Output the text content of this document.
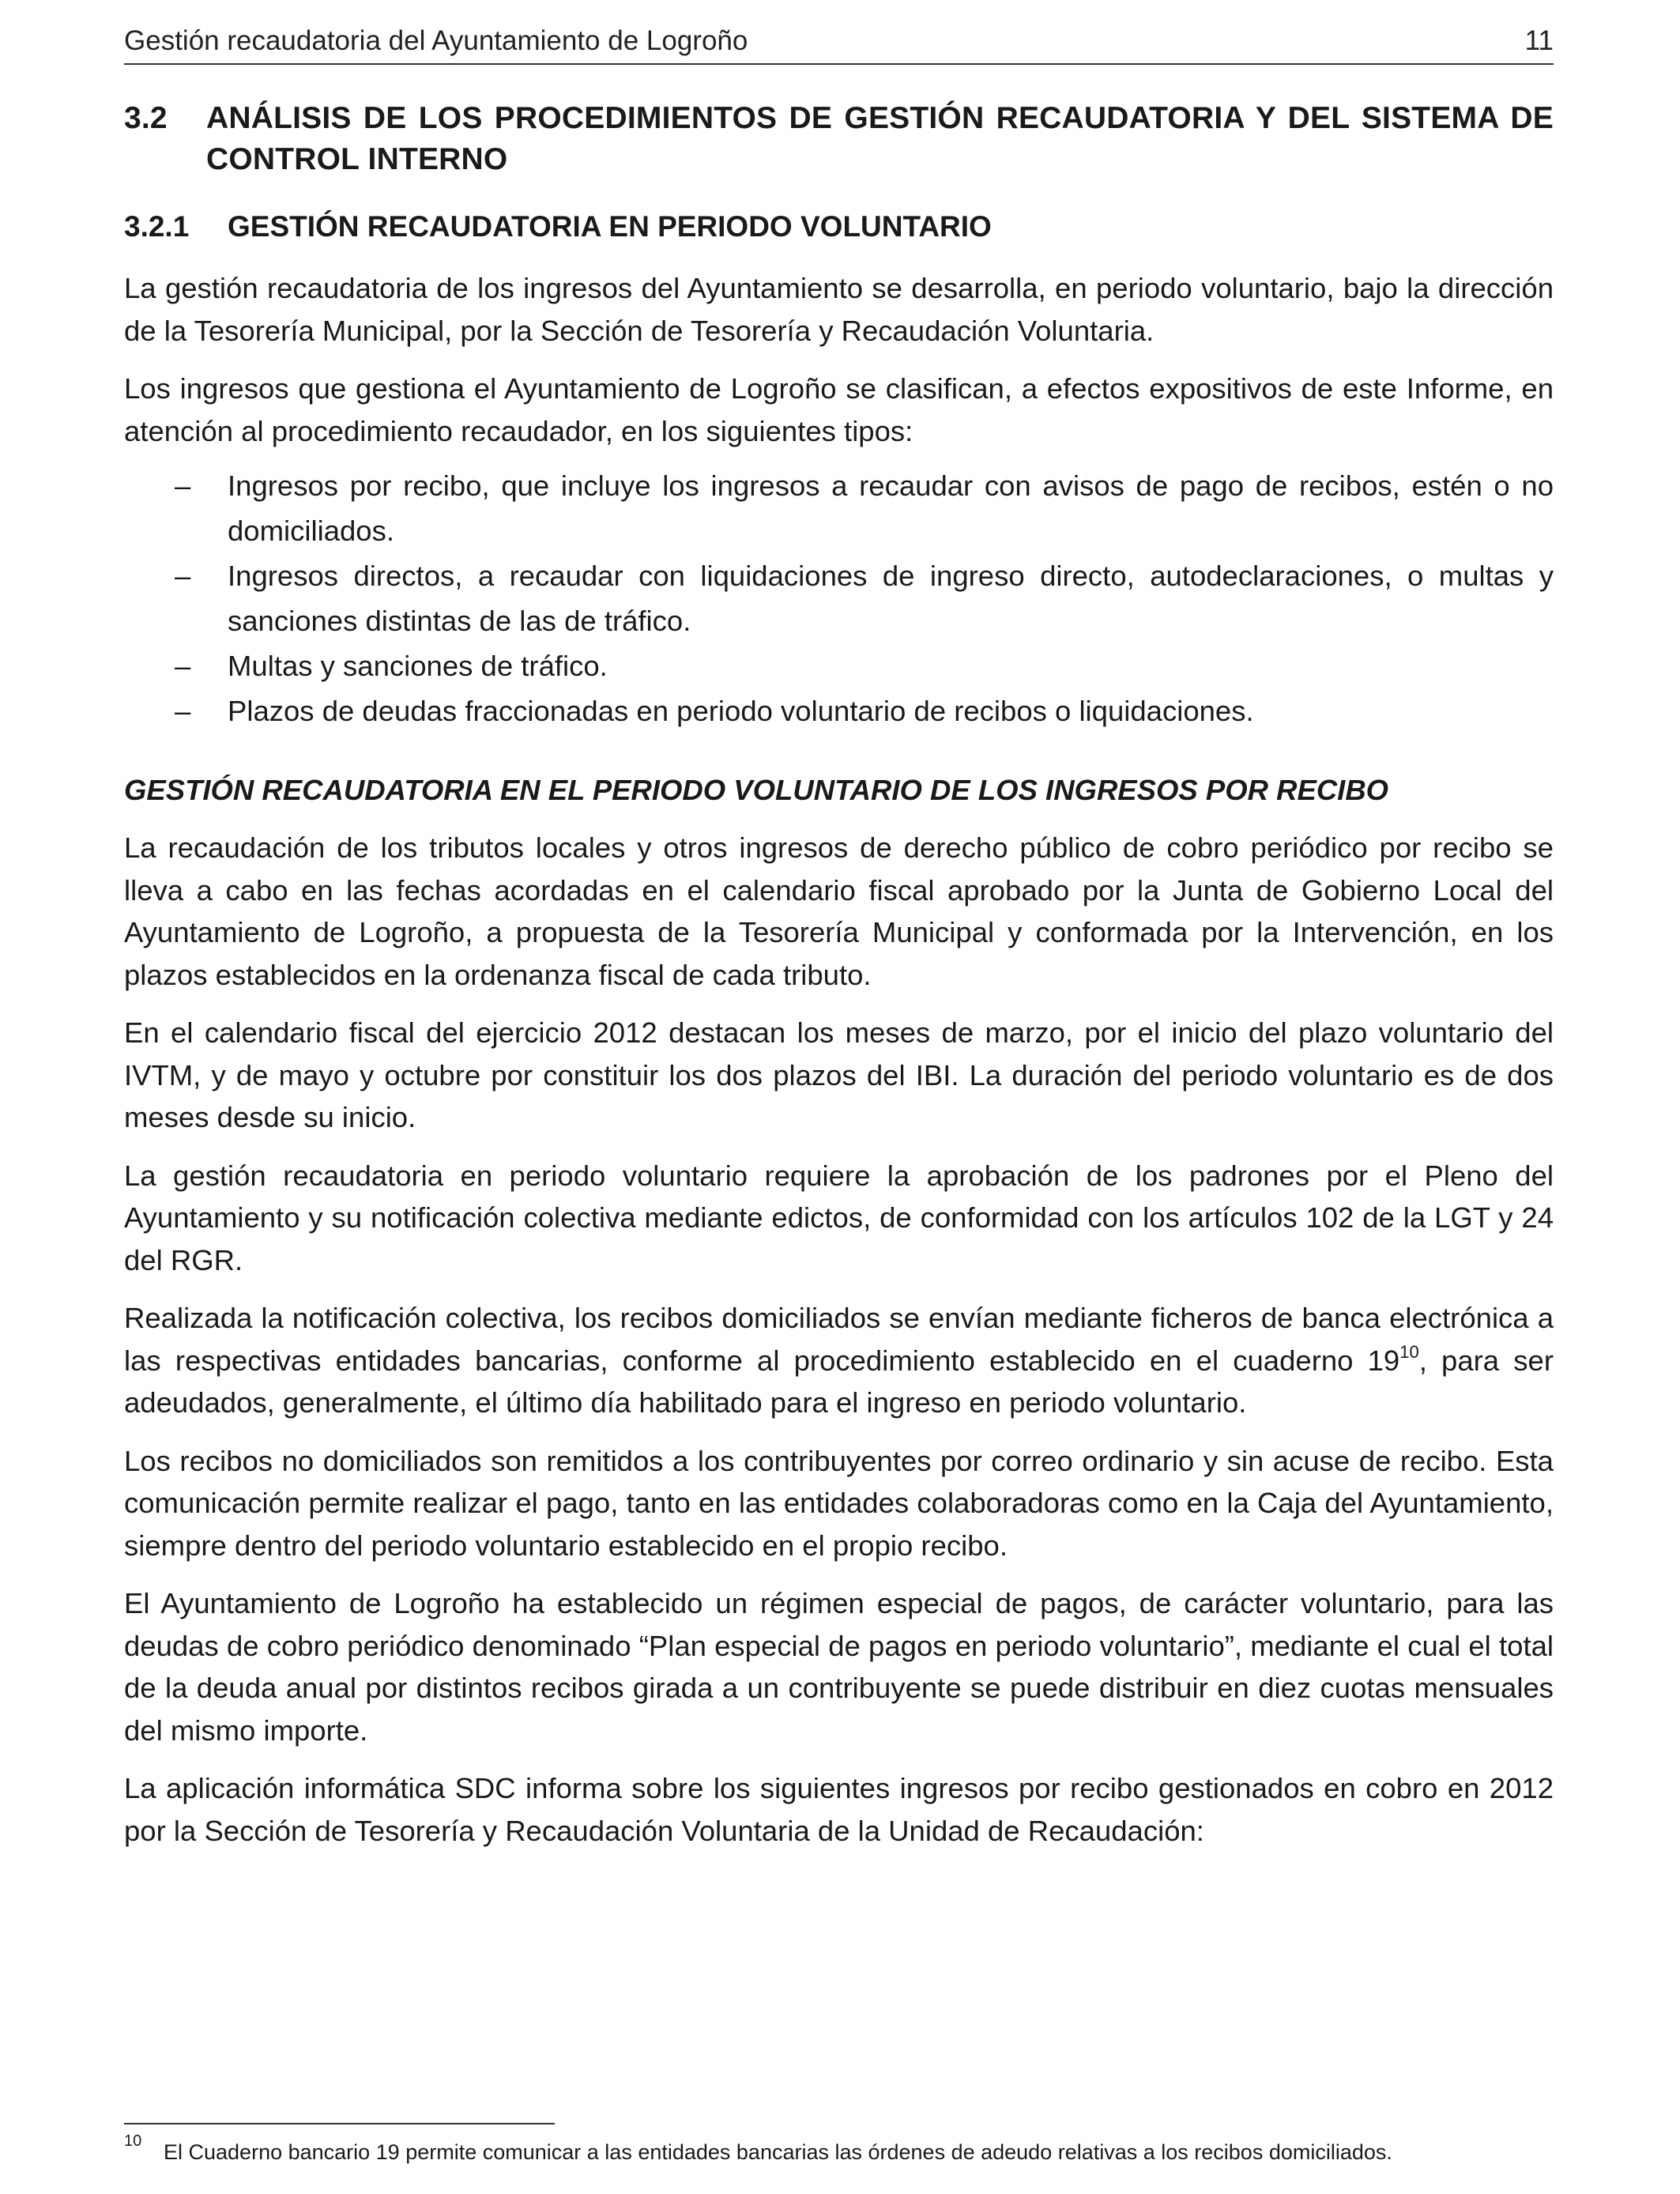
Gestión recaudatoria del Ayuntamiento de Logroño	11
3.2	ANÁLISIS DE LOS PROCEDIMIENTOS DE GESTIÓN RECAUDATORIA Y DEL SISTEMA DE CONTROL INTERNO
3.2.1	GESTIÓN RECAUDATORIA EN PERIODO VOLUNTARIO

La gestión recaudatoria de los ingresos del Ayuntamiento se desarrolla, en periodo voluntario, bajo la dirección de la Tesorería Municipal, por la Sección de Tesorería y Recaudación Voluntaria.

Los ingresos que gestiona el Ayuntamiento de Logroño se clasifican, a efectos expositivos de este Informe, en atención al procedimiento recaudador, en los siguientes tipos:

–	Ingresos por recibo, que incluye los ingresos a recaudar con avisos de pago de recibos, estén o no domiciliados.
–	Ingresos directos, a recaudar con liquidaciones de ingreso directo, autodeclaraciones, o multas y sanciones distintas de las de tráfico.
–	Multas y sanciones de tráfico.
–	Plazos de deudas fraccionadas en periodo voluntario de recibos o liquidaciones.
GESTIÓN RECAUDATORIA EN EL PERIODO VOLUNTARIO DE LOS INGRESOS POR RECIBO

La recaudación de los tributos locales y otros ingresos de derecho público de cobro periódico por recibo se lleva a cabo en las fechas acordadas en el calendario fiscal aprobado por la Junta de Gobierno Local del Ayuntamiento de Logroño, a propuesta de la Tesorería Municipal y conformada por la Intervención, en los plazos establecidos en la ordenanza fiscal de cada tributo.

En el calendario fiscal del ejercicio 2012 destacan los meses de marzo, por el inicio del plazo voluntario del IVTM, y de mayo y octubre por constituir los dos plazos del IBI. La duración del periodo voluntario es de dos meses desde su inicio.

La gestión recaudatoria en periodo voluntario requiere la aprobación de los padrones por el Pleno del Ayuntamiento y su notificación colectiva mediante edictos, de conformidad con los artículos 102 de la LGT y 24 del RGR.

Realizada la notificación colectiva, los recibos domiciliados se envían mediante ficheros de banca electrónica a las respectivas entidades bancarias, conforme al procedimiento establecido en el cuaderno $19^{10}$, para ser adeudados, generalmente, el último día habilitado para el ingreso en periodo voluntario.

Los recibos no domiciliados son remitidos a los contribuyentes por correo ordinario y sin acuse de recibo. Esta comunicación permite realizar el pago, tanto en las entidades colaboradoras como en la Caja del Ayuntamiento, siempre dentro del periodo voluntario establecido en el propio recibo.

El Ayuntamiento de Logroño ha establecido un régimen especial de pagos, de carácter voluntario, para las deudas de cobro periódico denominado “Plan especial de pagos en periodo voluntario”, mediante el cual el total de la deuda anual por distintos recibos girada a un contribuyente se puede distribuir en diez cuotas mensuales del mismo importe.

La aplicación informática SDC informa sobre los siguientes ingresos por recibo gestionados en cobro en 2012 por la Sección de Tesorería y Recaudación Voluntaria de la Unidad de Recaudación:

10 El Cuaderno bancario 19 permite comunicar a las entidades bancarias las órdenes de adeudo relativas a los recibos domiciliados.
